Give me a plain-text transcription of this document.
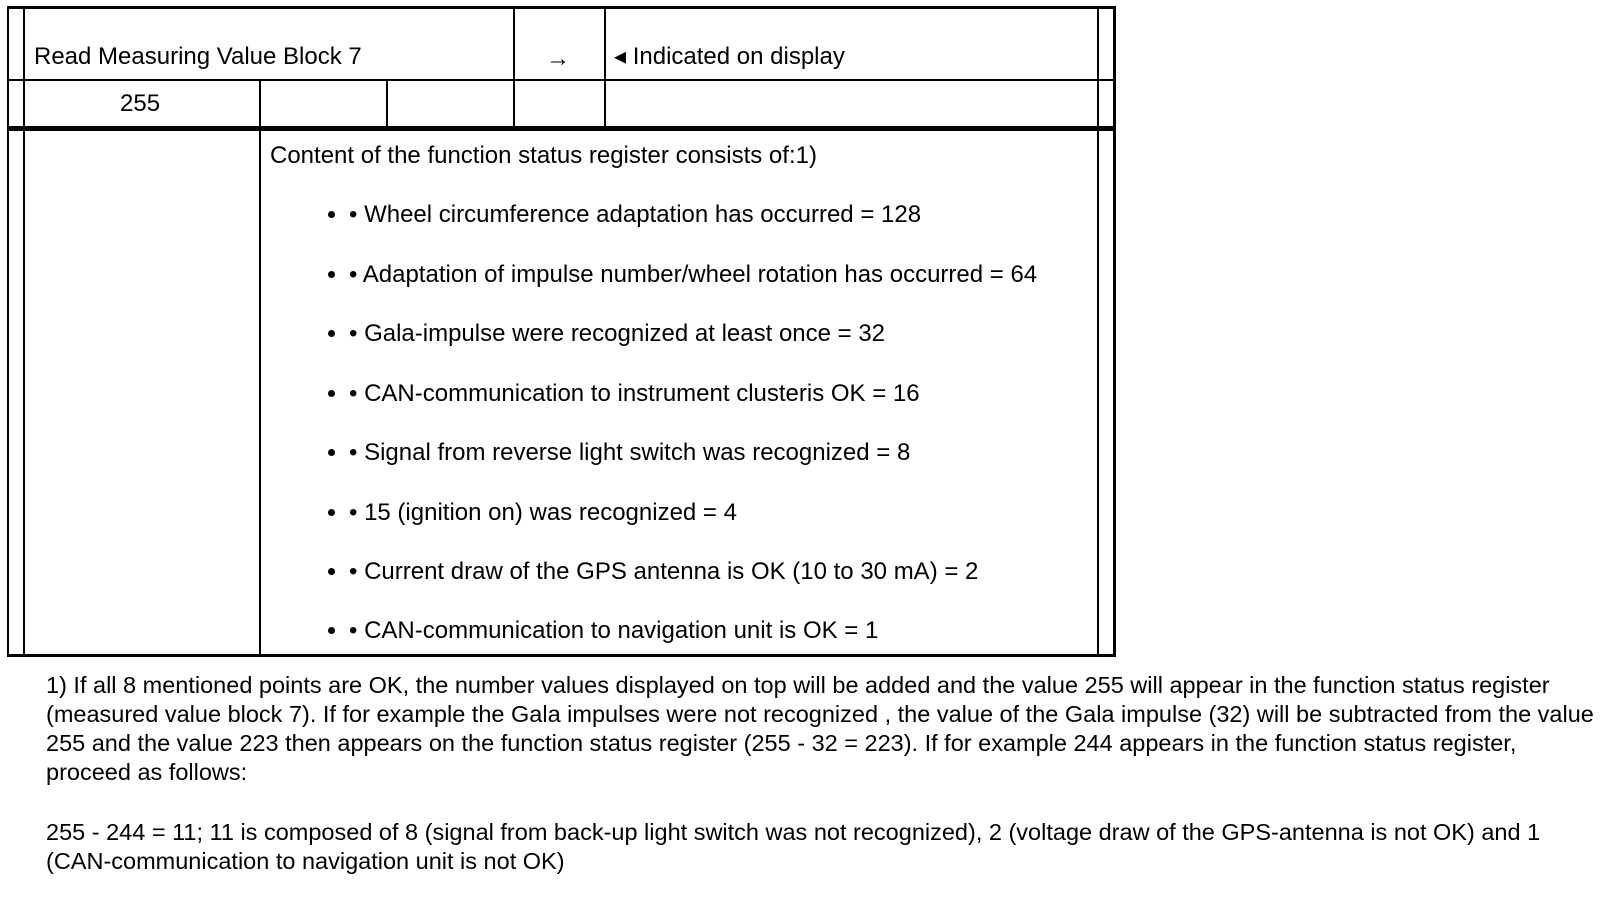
Read Measuring Value Block 7	→ ◂ Indicated on display
255
Content of the function status register consists of:1)
• Wheel circumference adaptation has occurred = 128
• Adaptation of impulse number/wheel rotation has occurred = 64
• Gala-impulse were recognized at least once = 32
• CAN-communication to instrument clusteris OK = 16
• Signal from reverse light switch was recognized = 8
• 15 (ignition on) was recognized = 4
• Current draw of the GPS antenna is OK (10 to 30 mA) = 2
• CAN-communication to navigation unit is OK = 1

1) If all 8 mentioned points are OK, the number values displayed on top will be added and the value 255 will appear in the function status register (measured value block 7). If for example the Gala impulses were not recognized , the value of the Gala impulse (32) will be subtracted from the value 255 and the value 223 then appears on the function status register (255 - 32 = 223). If for example 244 appears in the function status register, proceed as follows:

255 - 244 = 11; 11 is composed of 8 (signal from back-up light switch was not recognized), 2 (voltage draw of the GPS-antenna is not OK) and 1 (CAN-communication to navigation unit is not OK)
